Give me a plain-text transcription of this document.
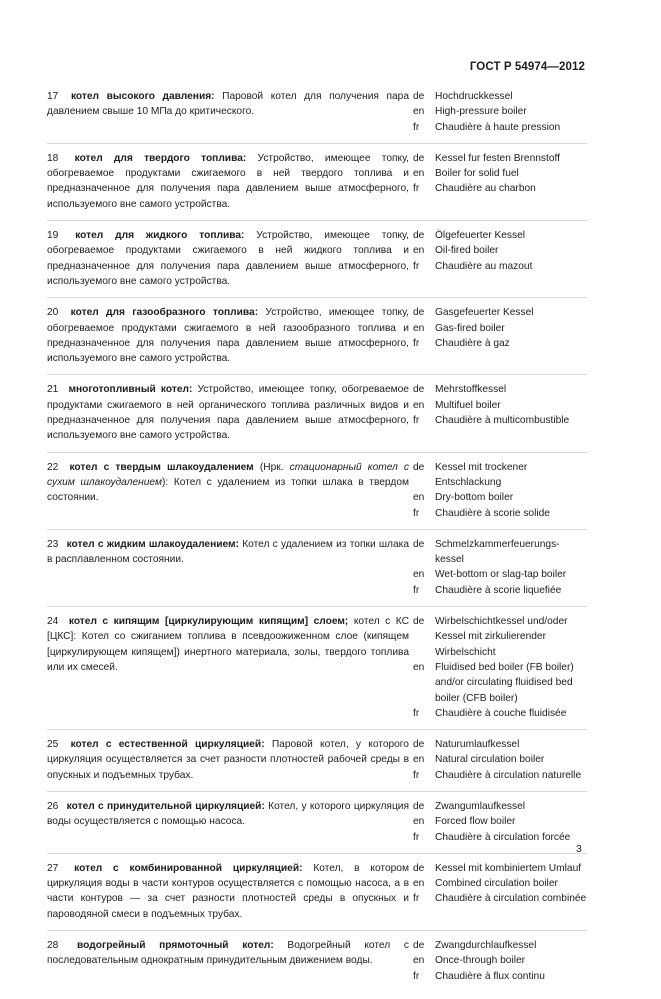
ГОСТ Р 54974—2012
17 котел высокого давления: Паровой котел для получения пара давлением свыше 10 МПа до критического.
de	Hochdruckkessel
en	High-pressure boiler
fr	Chaudière à haute pression
18 котел для твердого топлива: Устройство, имеющее топку, обогреваемое продуктами сжигаемого в ней твердого топлива и предназначенное для получения пара давлением выше атмосферного, используемого вне самого устройства.
de	Kessel fur festen Brennstoff
en	Boiler for solid fuel
fr	Chaudière au charbon
19 котел для жидкого топлива: Устройство, имеющее топку, обогреваемое продуктами сжигаемого в ней жидкого топлива и предназначенное для получения пара давлением выше атмосферного, используемого вне самого устройства.
de	Ölgefeuerter Kessel
en	Oil-fired boiler
fr	Chaudière au mazout
20 котел для газообразного топлива: Устройство, имеющее топку, обогреваемое продуктами сжигаемого в ней газообразного топлива и предназначенное для получения пара давлением выше атмосферного, используемого вне самого устройства.
de	Gasgefeuerter Kessel
en	Gas-fired boiler
fr	Chaudière à gaz
21 многотопливный котел: Устройство, имеющее топку, обогреваемое продуктами сжигаемого в ней органического топлива различных видов и предназначенное для получения пара давлением выше атмосферного, используемого вне самого устройства.
de	Mehrstoffkessel
en	Multifuel boiler
fr	Chaudière à multicombustible
22 котел с твердым шлакоудалением (Нрк. стационарный котел с сухим шлакоудалением): Котел с удалением из топки шлака в твердом состоянии.
de	Kessel mit trockener Entschlackung
en	Dry-bottom boiler
fr	Chaudière à scorie solide
23 котел с жидким шлакоудалением: Котел с удалением из топки шлака в расплавленном состоянии.
de	Schmelzkammerfeuerungs-kessel
en	Wet-bottom or slag-tap boiler
fr	Chaudière à scorie liquefiée
24 котел с кипящим [циркулирующим кипящим] слоем; котел с КС [ЦКС]: Котел со сжиганием топлива в псевдоожиженном слое (кипящем [циркулирующем кипящем]) инертного материала, золы, твердого топлива или их смесей.
de	Wirbelschichtkessel und/oder Kessel mit zirkulierender Wirbelschicht
en	Fluidised bed boiler (FB boiler) and/or circulating fluidised bed boiler (CFB boiler)
fr	Chaudière à couche fluidisée
25 котел с естественной циркуляцией: Паровой котел, у которого циркуляция осуществляется за счет разности плотностей рабочей среды в опускных и подъемных трубах.
de	Naturumlaufkessel
en	Natural circulation boiler
fr	Chaudière à circulation naturelle
26 котел с принудительной циркуляцией: Котел, у которого циркуляция воды осуществляется с помощью насоса.
de	Zwangumlaufkessel
en	Forced flow boiler
fr	Chaudière à circulation forcée
27 котел с комбинированной циркуляцией: Котел, в котором циркуляция воды в части контуров осуществляется с помощью насоса, а в части контуров — за счет разности плотностей среды в опускных и пароводяной смеси в подъемных трубах.
de	Kessel mit kombiniertem Umlauf
en	Combined circulation boiler
fr	Chaudière à circulation combinée
28 водогрейный прямоточный котел: Водогрейный котел с последовательным однократным принудительным движением воды.
de	Zwangdurchlaufkessel
en	Once-through boiler
fr	Chaudière à flux continu
3
